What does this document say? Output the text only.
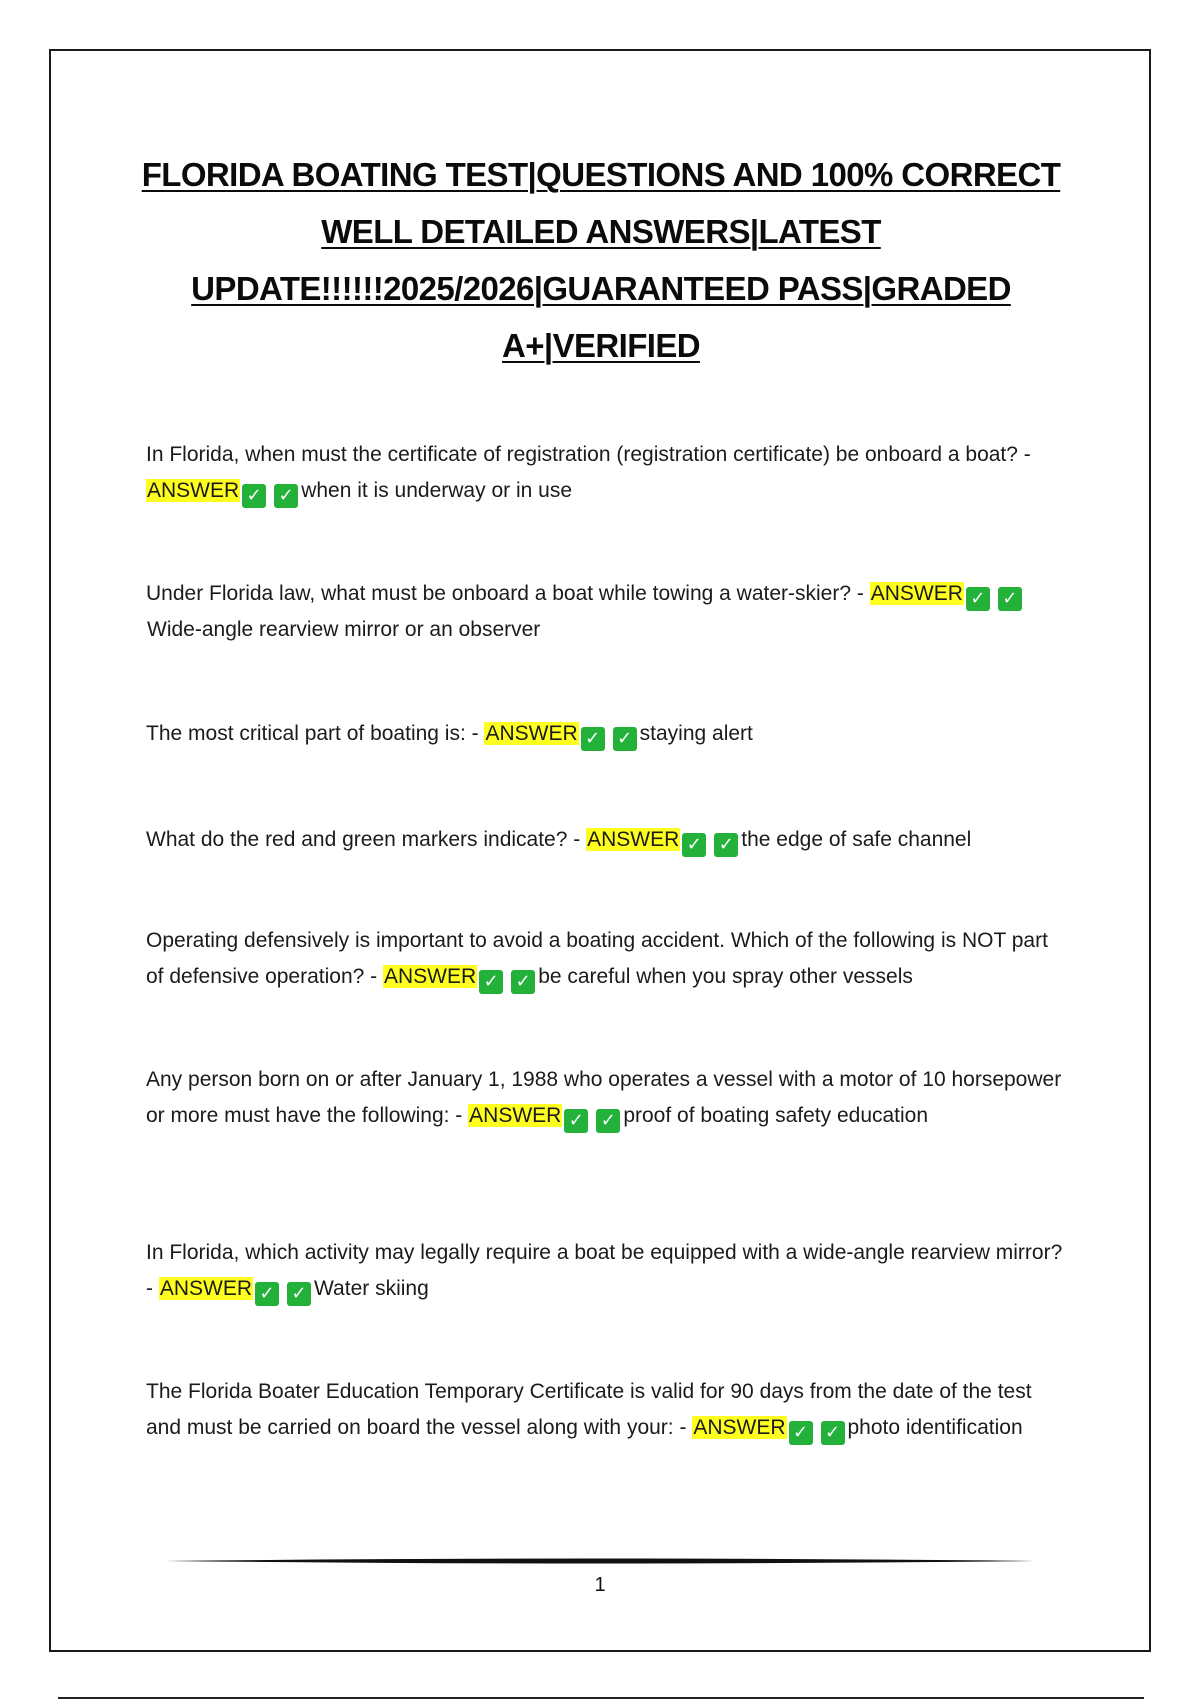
FLORIDA BOATING TEST|QUESTIONS AND 100% CORRECT WELL DETAILED ANSWERS|LATEST UPDATE!!!!!!2025/2026|GUARANTEED PASS|GRADED A+|VERIFIED

In Florida, when must the certificate of registration (registration certificate) be onboard a boat? - ANSWER ✓ ✓ when it is underway or in use

Under Florida law, what must be onboard a boat while towing a water-skier? - ANSWER ✓ ✓Wide-angle rearview mirror or an observer

The most critical part of boating is: - ANSWER ✓ ✓ staying alert

What do the red and green markers indicate? - ANSWER ✓ ✓ the edge of safe channel

Operating defensively is important to avoid a boating accident. Which of the following is NOT part of defensive operation? - ANSWER ✓ ✓ be careful when you spray other vessels

Any person born on or after January 1, 1988 who operates a vessel with a motor of 10 horsepower or more must have the following: - ANSWER ✓ ✓ proof of boating safety education

In Florida, which activity may legally require a boat be equipped with a wide-angle rearview mirror? - ANSWER ✓ ✓ Water skiing

The Florida Boater Education Temporary Certificate is valid for 90 days from the date of the test and must be carried on board the vessel along with your: - ANSWER ✓ ✓ photo identification

1
